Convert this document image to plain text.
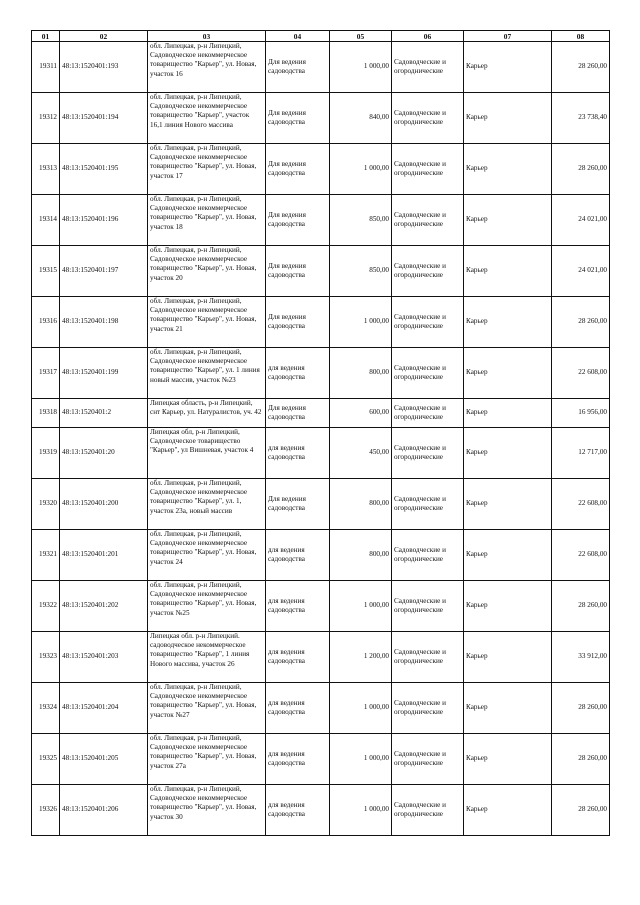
01	02	03	04	05	06	07	08
19311	48:13:1520401:193	обл. Липецкая, р-н Липецкий, Садоводческое некоммерческое товарищество "Карьер", ул. Новая, участок 16	Для ведения садоводства	1 000,00	Садоводческие и огороднические	Карьер	28 260,00
19312	48:13:1520401:194	обл. Липецкая, р-н Липецкий, Садоводческое некоммерческое товарищество "Карьер", участок 16,1 линия Нового массива	Для ведения садоводства	840,00	Садоводческие и огороднические	Карьер	23 738,40
19313	48:13:1520401:195	обл. Липецкая, р-н Липецкий, Садоводческое некоммерческое товарищество "Карьер", ул. Новая, участок 17	Для ведения садоводства	1 000,00	Садоводческие и огороднические	Карьер	28 260,00
19314	48:13:1520401:196	обл. Липецкая, р-н Липецкий, Садоводческое некоммерческое товарищество "Карьер", ул. Новая, участок 18	Для ведения садоводства	850,00	Садоводческие и огороднические	Карьер	24 021,00
19315	48:13:1520401:197	обл. Липецкая, р-н Липецкий, Садоводческое некоммерческое товарищество "Карьер", ул. Новая, участок 20	Для ведения садоводства	850,00	Садоводческие и огороднические	Карьер	24 021,00
19316	48:13:1520401:198	обл. Липецкая, р-н Липецкий, Садоводческое некоммерческое товарищество "Карьер", ул. Новая, участок 21	Для ведения садоводства	1 000,00	Садоводческие и огороднические	Карьер	28 260,00
19317	48:13:1520401:199	обл. Липецкая, р-н Липецкий, Садоводческое некоммерческое товарищество "Карьер", ул. 1 линия новый массив, участок №23	для ведения садоводства	800,00	Садоводческие и огороднические	Карьер	22 608,00
19318	48:13:1520401:2	Липецкая область, р-н Липецкий, снт Карьер, ул. Натуралистов, уч. 42	Для ведения садоводства	600,00	Садоводческие и огороднические	Карьер	16 956,00
19319	48:13:1520401:20	Липецкая обл, р-н Липецкий, Садоводческое товарищество "Карьер", ул Вишневая, участок 4	для ведения садоводства	450,00	Садоводческие и огороднические	Карьер	12 717,00
19320	48:13:1520401:200	обл. Липецкая, р-н Липецкий, Садоводческое некоммерческое товарищество "Карьер", ул. 1, участок 23а, новый массив	Для ведения садоводства	800,00	Садоводческие и огороднические	Карьер	22 608,00
19321	48:13:1520401:201	обл. Липецкая, р-н Липецкий, Садоводческое некоммерческое товарищество "Карьер", ул. Новая, участок 24	для ведения садоводства	800,00	Садоводческие и огороднические	Карьер	22 608,00
19322	48:13:1520401:202	обл. Липецкая, р-н Липецкий, Садоводческое некоммерческое товарищество "Карьер", ул. Новая, участок №25	для ведения садоводства	1 000,00	Садоводческие и огороднические	Карьер	28 260,00
19323	48:13:1520401:203	Липецкая обл. р-н Липецкий. садоводческое некоммерческое товарищество "Карьер", 1 линия Нового массива, участок 26	для ведения садоводства	1 200,00	Садоводческие и огороднические	Карьер	33 912,00
19324	48:13:1520401:204	обл. Липецкая, р-н Липецкий, Садоводческое некоммерческое товарищество "Карьер", ул. Новая, участок №27	для ведения садоводства	1 000,00	Садоводческие и огороднические	Карьер	28 260,00
19325	48:13:1520401:205	обл. Липецкая, р-н Липецкий, Садоводческое некоммерческое товарищество "Карьер", ул. Новая, участок 27а	для ведения садоводства	1 000,00	Садоводческие и огороднические	Карьер	28 260,00
19326	48:13:1520401:206	обл. Липецкая, р-н Липецкий, Садоводческое некоммерческое товарищество "Карьер", ул. Новая, участок 30	для ведения садоводства	1 000,00	Садоводческие и огороднические	Карьер	28 260,00
